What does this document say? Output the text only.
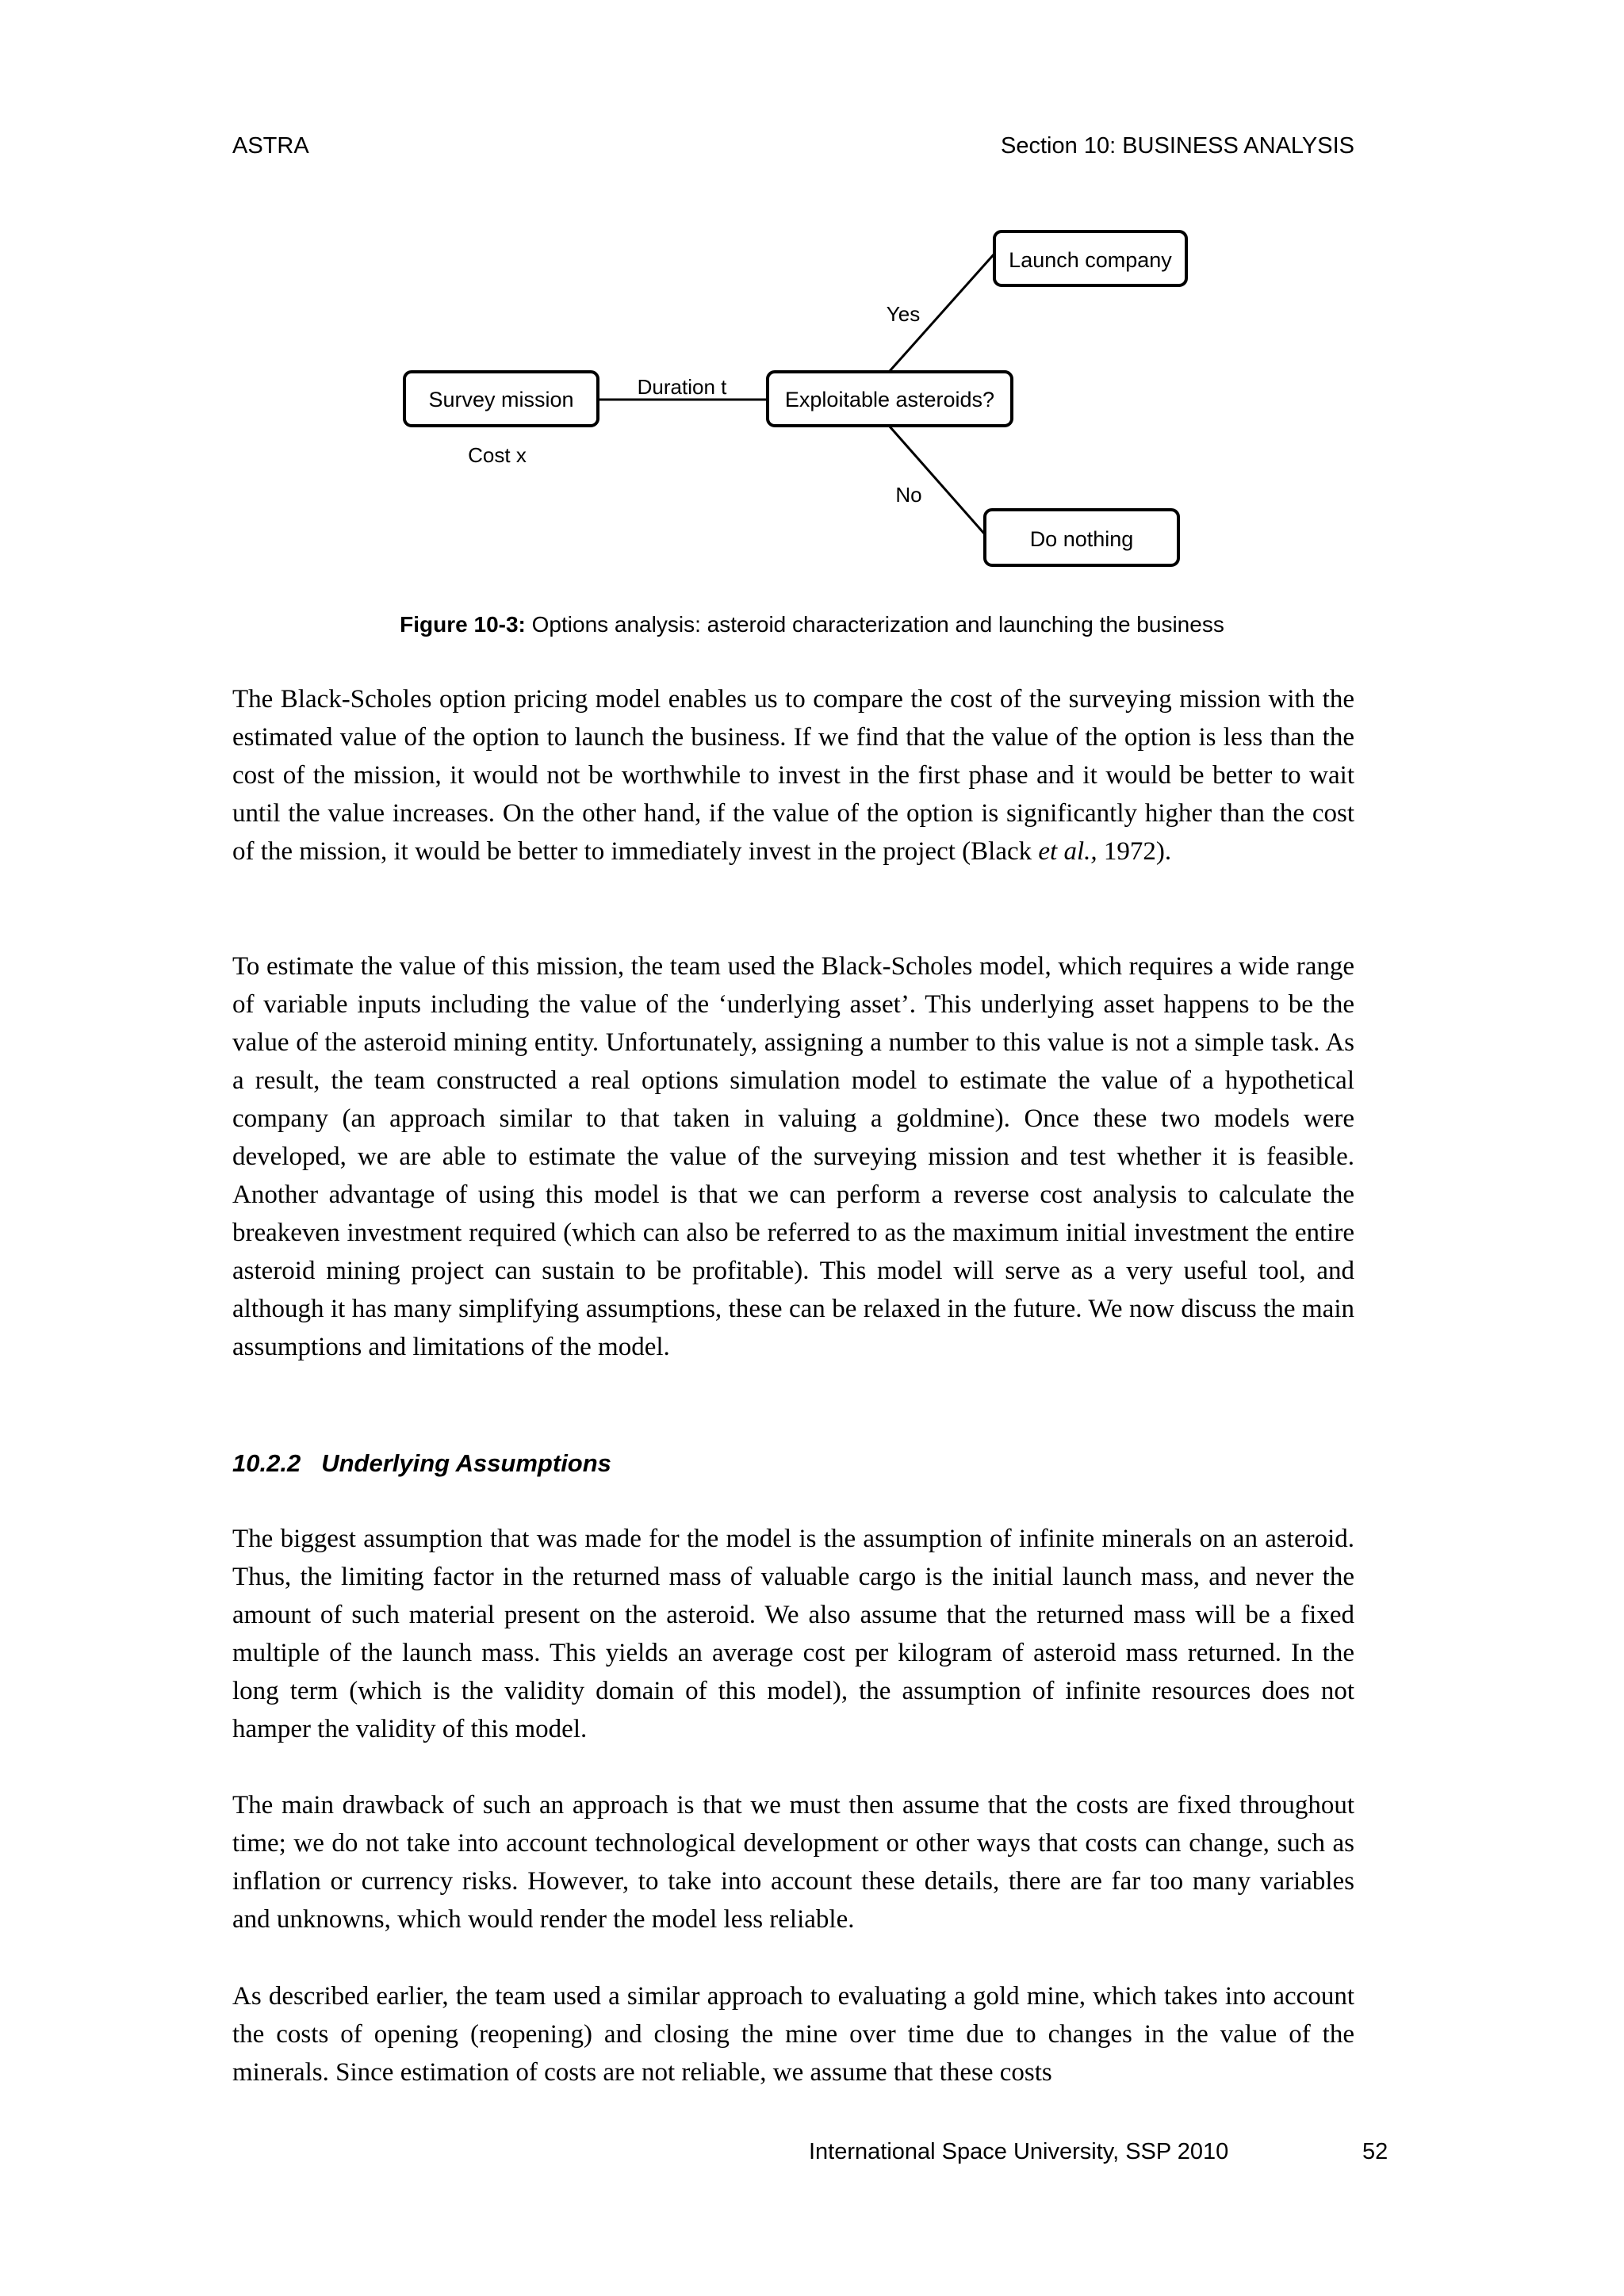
ASTRA	Section 10: BUSINESS ANALYSIS
Survey mission	Exploitable asteroids?
Launch company
Do nothing
Duration t
Cost x
Yes
No
Figure 10-3: Options analysis: asteroid characterization and launching the business

The Black-Scholes option pricing model enables us to compare the cost of the surveying mission with the estimated value of the option to launch the business. If we find that the value of the option is less than the cost of the mission, it would not be worthwhile to invest in the first phase and it would be better to wait until the value increases. On the other hand, if the value of the option is significantly higher than the cost of the mission, it would be better to immediately invest in the project (Black et al., 1972).

To estimate the value of this mission, the team used the Black-Scholes model, which requires a wide range of variable inputs including the value of the ‘underlying asset’. This underlying asset happens to be the value of the asteroid mining entity. Unfortunately, assigning a number to this value is not a simple task. As a result, the team constructed a real options simulation model to estimate the value of a hypothetical company (an approach similar to that taken in valuing a goldmine). Once these two models were developed, we are able to estimate the value of the surveying mission and test whether it is feasible. Another advantage of using this model is that we can perform a reverse cost analysis to calculate the breakeven investment required (which can also be referred to as the maximum initial investment the entire asteroid mining project can sustain to be profitable). This model will serve as a very useful tool, and although it has many simplifying assumptions, these can be relaxed in the future. We now discuss the main assumptions and limitations of the model.

10.2.2 Underlying Assumptions

The biggest assumption that was made for the model is the assumption of infinite minerals on an asteroid. Thus, the limiting factor in the returned mass of valuable cargo is the initial launch mass, and never the amount of such material present on the asteroid. We also assume that the returned mass will be a fixed multiple of the launch mass. This yields an average cost per kilogram of asteroid mass returned. In the long term (which is the validity domain of this model), the assumption of infinite resources does not hamper the validity of this model.

The main drawback of such an approach is that we must then assume that the costs are fixed throughout time; we do not take into account technological development or other ways that costs can change, such as inflation or currency risks. However, to take into account these details, there are far too many variables and unknowns, which would render the model less reliable.

As described earlier, the team used a similar approach to evaluating a gold mine, which takes into account the costs of opening (reopening) and closing the mine over time due to changes in the value of the minerals. Since estimation of costs are not reliable, we assume that these costs

International Space University, SSP 2010	52
